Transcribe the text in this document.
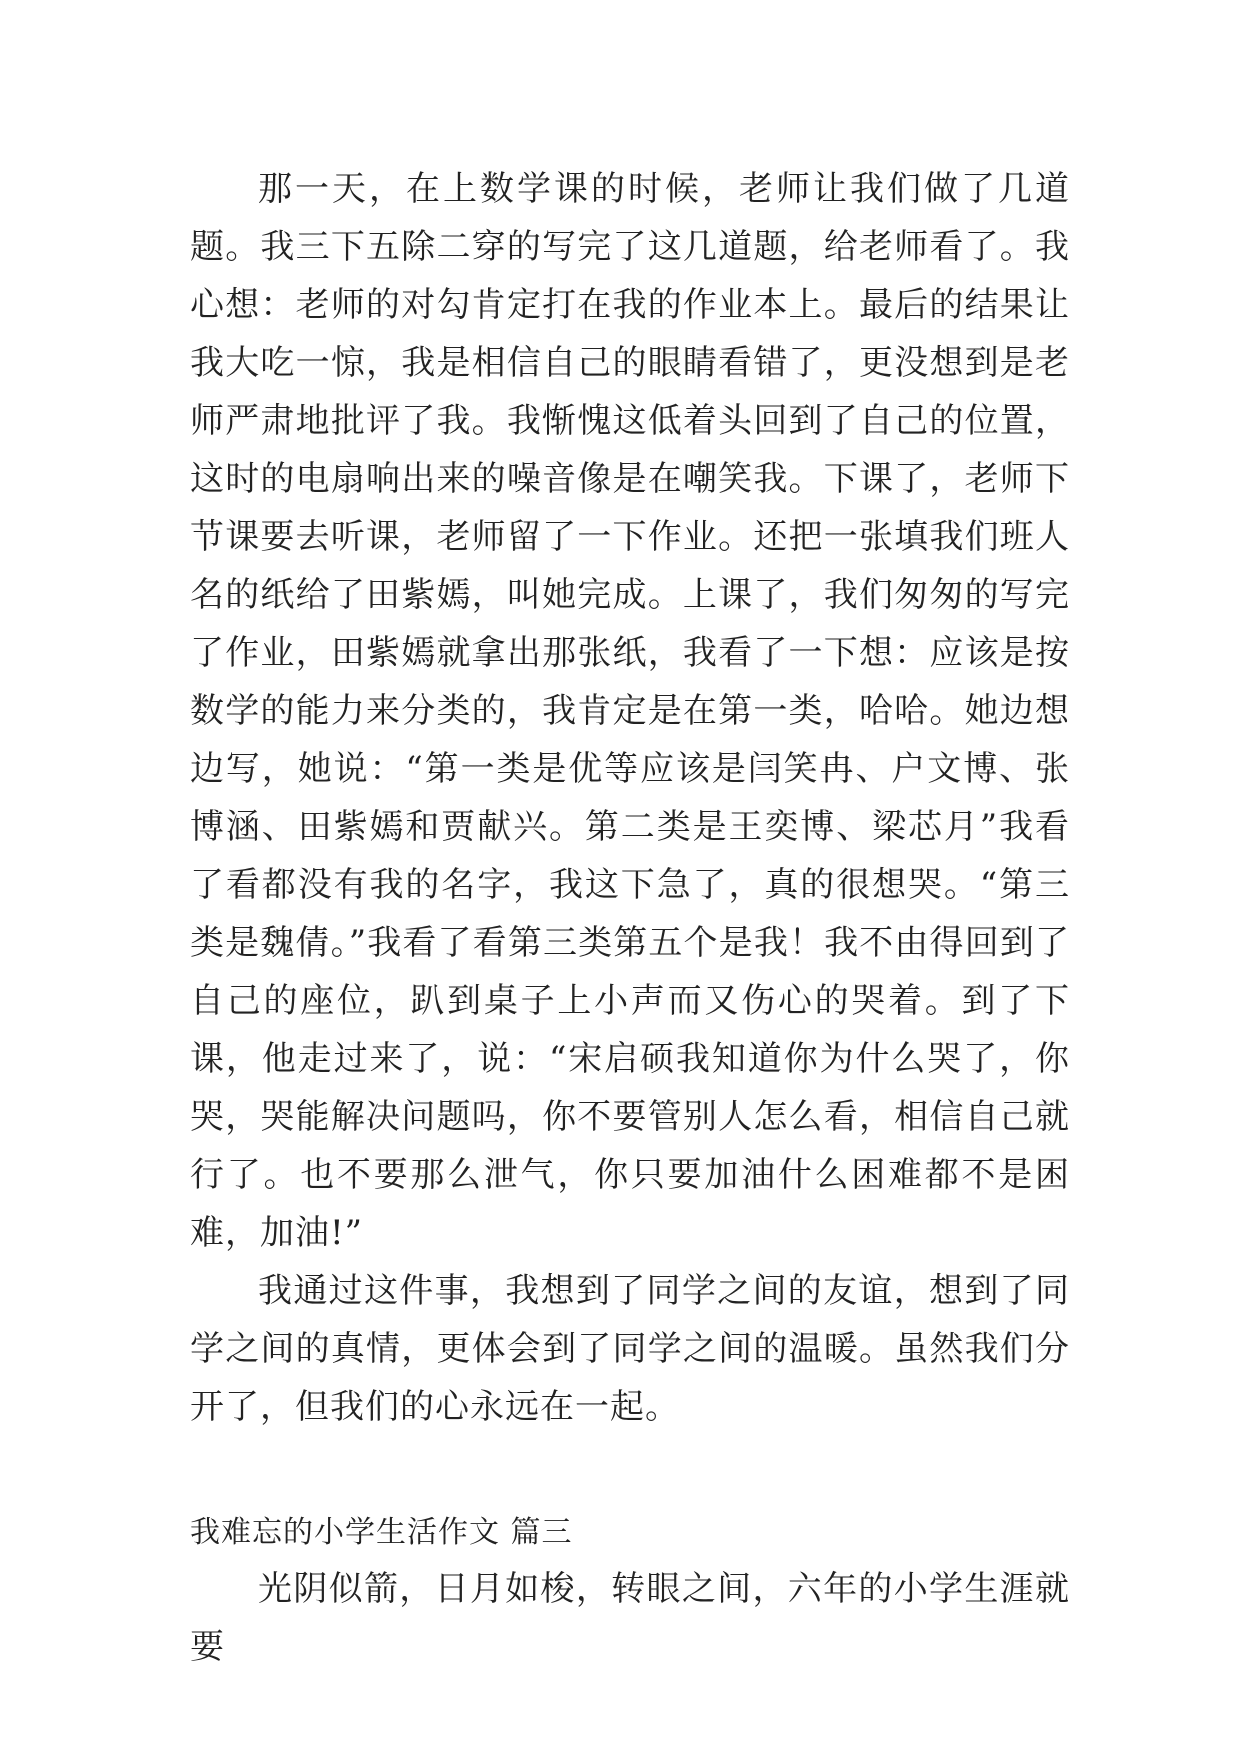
那一天，在上数学课的时候，老师让我们做了几道题。我三下五除二穿的写完了这几道题，给老师看了。我心想：老师的对勾肯定打在我的作业本上。最后的结果让我大吃一惊，我是相信自己的眼睛看错了，更没想到是老师严肃地批评了我。我惭愧这低着头回到了自己的位置，这时的电扇响出来的噪音像是在嘲笑我。下课了，老师下节课要去听课，老师留了一下作业。还把一张填我们班人名的纸给了田紫嫣，叫她完成。上课了，我们匆匆的写完了作业，田紫嫣就拿出那张纸，我看了一下想：应该是按数学的能力来分类的，我肯定是在第一类，哈哈。她边想边写，她说：“第一类是优等应该是闫笑冉、户文博、张博涵、田紫嫣和贾献兴。第二类是王奕博、梁芯月”我看了看都没有我的名字，我这下急了，真的很想哭。“第三类是魏倩。”我看了看第三类第五个是我！我不由得回到了自己的座位，趴到桌子上小声而又伤心的哭着。到了下课，他走过来了，说：“宋启硕我知道你为什么哭了，你哭，哭能解决问题吗，你不要管别人怎么看，相信自己就行了。也不要那么泄气，你只要加油什么困难都不是困难，加油!”

我通过这件事，我想到了同学之间的友谊，想到了同学之间的真情，更体会到了同学之间的温暖。虽然我们分开了，但我们的心永远在一起。

我难忘的小学生活作文 篇三

光阴似箭，日月如梭，转眼之间，六年的小学生涯就要
